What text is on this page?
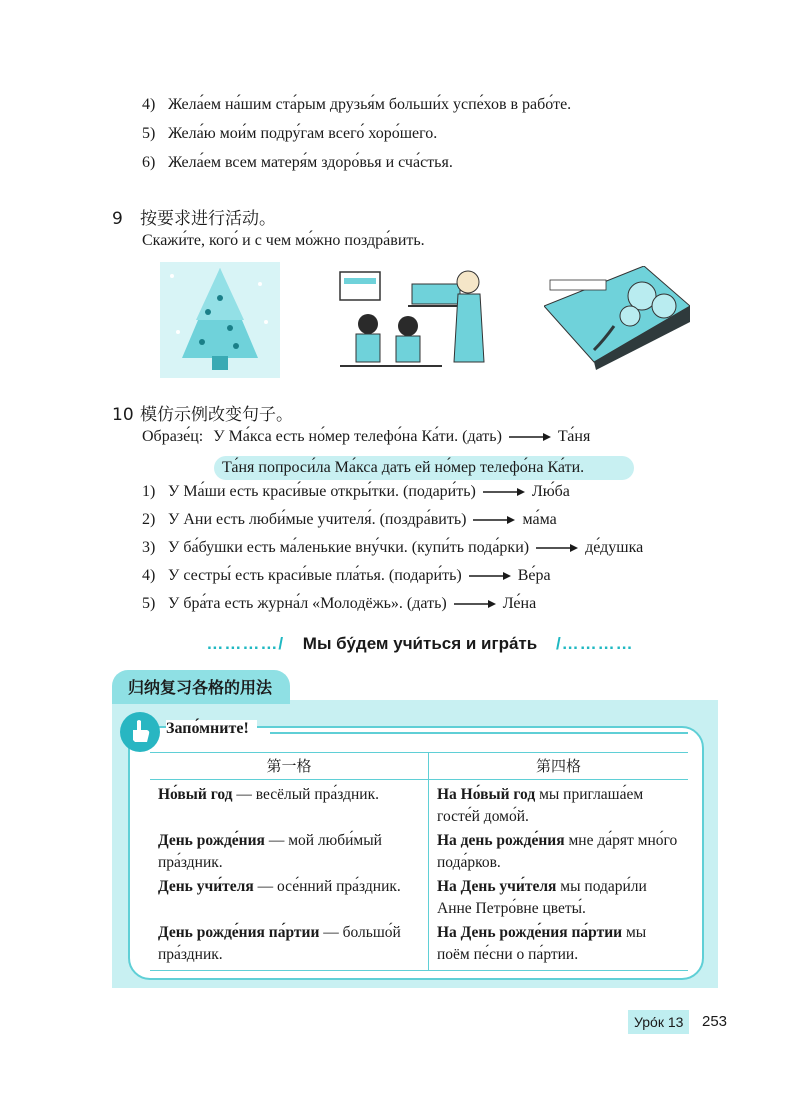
4) Жела́ем на́шим ста́рым друзья́м больши́х успе́хов в рабо́те.
5) Жела́ю мои́м подру́гам всего́ хоро́шего.
6) Жела́ем всем матеря́м здоро́вья и сча́стья.
9 按要求进行活动。
Скажи́те, кого́ и с чем мо́жно поздра́вить.
10 模仿示例改变句子。
Образе́ц: У Ма́кса есть но́мер телефо́на Ка́ти. (дать)	Та́ня
Та́ня попроси́ла Ма́кса дать ей но́мер телефо́на Ка́ти.
1) У Ма́ши есть краси́вые откры́тки. (подари́ть)	Лю́ба
2) У Ани есть люби́мые учителя́. (поздра́вить)	ма́ма
3) У ба́бушки есть ма́ленькие вну́чки. (купи́ть пода́рки)	де́душка
4) У сестры́ есть краси́вые пла́тья. (подари́ть)	Ве́ра
5) У бра́та есть журна́л «Молодёжь». (дать)	Ле́на
…………/ Мы бу́дем учи́ться и игра́ть /…………
归纳复习各格的用法
Запо́мните!
第一格	第四格
Но́вый год — весёлый пра́здник.	На Но́вый год мы приглаша́ем госте́й домо́й.
День рожде́ния — мой люби́мый пра́здник.	На день рожде́ния мне да́рят мно́го пода́рков.
День учи́теля — осе́нний пра́здник.	На День учи́теля мы подари́ли Анне Петро́вне цветы́.
День рожде́ния па́ртии — большо́й пра́здник.	На День рожде́ния па́ртии мы поём пе́сни о па́ртии.
Уро́к 13	253
